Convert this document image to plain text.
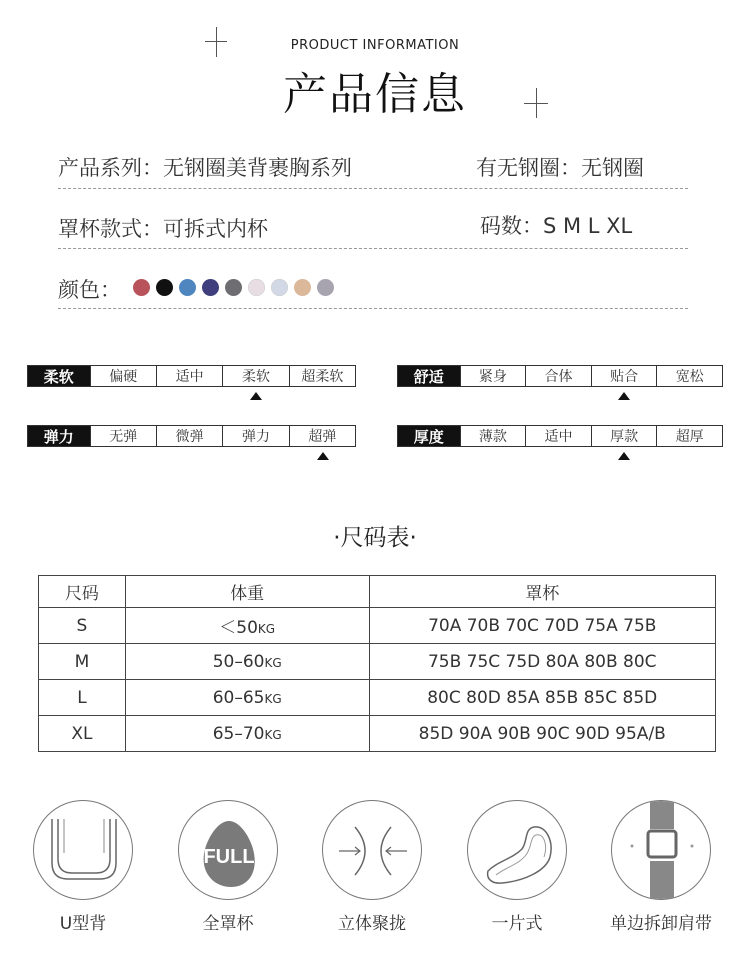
PRODUCT INFORMATION
产品信息
产品系列：无钢圈美背裹胸系列	有无钢圈：无钢圈
罩杯款式：可拆式内杯	码数：S M L XL
颜色：
柔软	偏硬	适中	柔软	超柔软	舒适	紧身	合体	贴合	宽松
弹力	无弹	微弹	弹力	超弹	厚度	薄款	适中	厚款	超厚
·尺码表·
尺码	体重	罩杯
S	＜50KG	70A 70B 70C 70D 75A 75B
M	50–60KG	75B 75C 75D 80A 80B 80C
L	60–65KG	80C 80D 85A 85B 85C 85D
XL	65–70KG	85D 90A 90B 90C 90D 95A/B
FULL
U型背	全罩杯	立体聚拢	一片式	单边拆卸肩带
